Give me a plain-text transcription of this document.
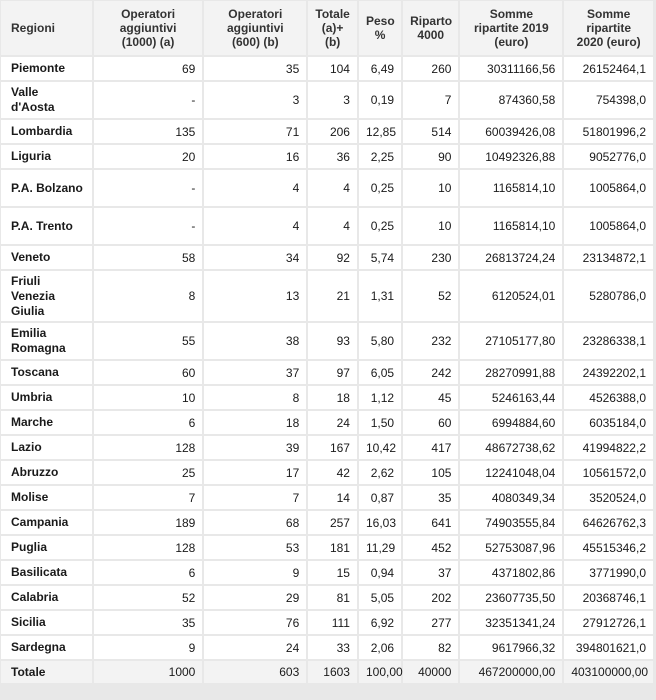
Regioni	Operatori aggiuntivi (1000) (a)	Operatori aggiuntivi (600) (b)	Totale (a)+(b)	Peso %	Riparto 4000	Somme ripartite 2019 (euro)	Somme ripartite 2020 (euro)
Piemonte	69	35	104	6,49	260	30311166,56	26152464,1
Valle d'Aosta	-	3	3	0,19	7	874360,58	754398,0
Lombardia	135	71	206	12,85	514	60039426,08	51801996,2
Liguria	20	16	36	2,25	90	10492326,88	9052776,0
P.A. Bolzano	-	4	4	0,25	10	1165814,10	1005864,0
P.A. Trento	-	4	4	0,25	10	1165814,10	1005864,0
Veneto	58	34	92	5,74	230	26813724,24	23134872,1
Friuli Venezia Giulia	8	13	21	1,31	52	6120524,01	5280786,0
Emilia Romagna	55	38	93	5,80	232	27105177,80	23286338,1
Toscana	60	37	97	6,05	242	28270991,88	24392202,1
Umbria	10	8	18	1,12	45	5246163,44	4526388,0
Marche	6	18	24	1,50	60	6994884,60	6035184,0
Lazio	128	39	167	10,42	417	48672738,62	41994822,2
Abruzzo	25	17	42	2,62	105	12241048,04	10561572,0
Molise	7	7	14	0,87	35	4080349,34	3520524,0
Campania	189	68	257	16,03	641	74903555,84	64626762,3
Puglia	128	53	181	11,29	452	52753087,96	45515346,2
Basilicata	6	9	15	0,94	37	4371802,86	3771990,0
Calabria	52	29	81	5,05	202	23607735,50	20368746,1
Sicilia	35	76	111	6,92	277	32351341,24	27912726,1
Sardegna	9	24	33	2,06	82	9617966,32	394801621,0
Totale	1000	603	1603	100,00	40000	467200000,00	403100000,00
